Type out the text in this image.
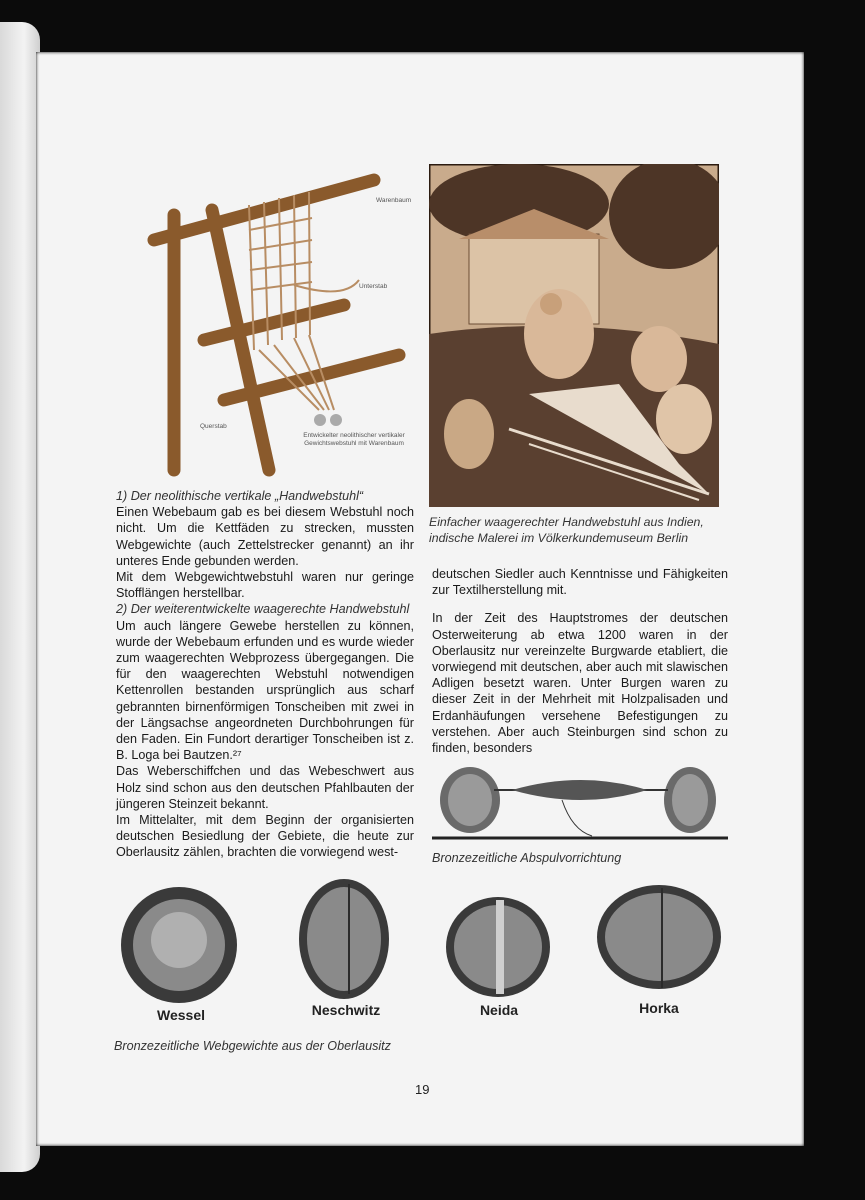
Warenbaum
Unterstab
Querstab
Entwickelter neolithischer vertikaler Gewichtswebstuhl mit Warenbaum
Einfacher waagerechter Handwebstuhl aus Indien,
indische Malerei im Völkerkundemuseum Berlin

1) Der neolithische vertikale „Handwebstuhl“

Einen Webebaum gab es bei diesem Webstuhl noch nicht. Um die Kettfäden zu strecken, mussten Webgewichte (auch Zettelstrecker genannt) an ihr unteres Ende gebunden werden.

Mit dem Webgewichtwebstuhl waren nur geringe Stofflängen herstellbar.

2) Der weiterentwickelte waagerechte Handwebstuhl

Um auch längere Gewebe herstellen zu können, wurde der Webebaum erfunden und es wurde wieder zum waagerechten Webprozess übergegangen. Die für den waagerechten Webstuhl notwendigen Kettenrollen bestanden ursprünglich aus scharf gebrannten birnenförmigen Tonscheiben mit zwei in der Längsachse angeordneten Durchbohrungen für den Faden. Ein Fundort derartiger Tonscheiben ist z. B. Loga bei Bautzen.²⁷

Das Weberschiffchen und das Webeschwert aus Holz sind schon aus den deutschen Pfahlbauten der jüngeren Steinzeit bekannt.

Im Mittelalter, mit dem Beginn der organisierten deutschen Besiedlung der Gebiete, die heute zur Oberlausitz zählen, brachten die vorwiegend west-

deutschen Siedler auch Kenntnisse und Fähigkeiten zur Textilherstellung mit.

In der Zeit des Hauptstromes der deutschen Osterweiterung ab etwa 1200 waren in der Oberlausitz nur vereinzelte Burgwarde etabliert, die vorwiegend mit deutschen, aber auch mit slawischen Adligen besetzt waren. Unter Burgen waren zu dieser Zeit in der Mehrheit mit Holzpalisaden und Erdanhäufungen versehene Befestigungen zu verstehen. Aber auch Steinburgen sind schon zu finden, besonders

Bronzezeitliche Abspulvorrichtung
Wessel	Neschwitz	Neida	Horka
Bronzezeitliche Webgewichte aus der Oberlausitz
19
